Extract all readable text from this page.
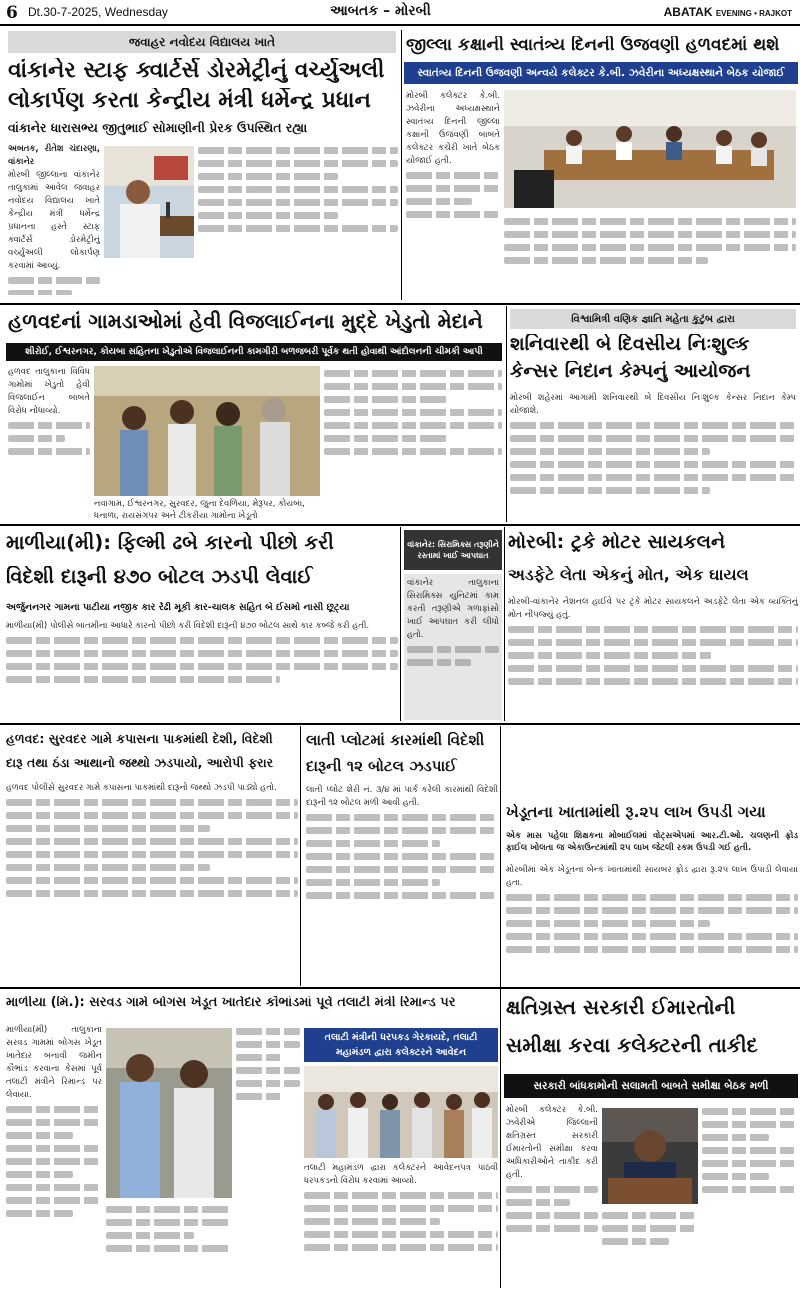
6 Dt.30-7-2025, Wednesday	આબતક – મોરબી	ABATAK EVENING • RAJKOT
જવાહર નવોદય વિદ્યાલય ખાતે
વાંકાનેર સ્ટાફ ક્વાર્ટર્સ ડોરમેટ્રીનું વર્ચ્યુઅલી
લોકાર્પણ કરતા કેન્દ્રીય મંત્રી ધર્મેન્દ્ર પ્રધાન
વાંકાનેર ધારાસભ્ય જીતુભાઈ સોમાણીની પ્રેરક ઉપસ્થિત રહ્યા
અબતક, રીતેશ ચંદારણા, વાંકાનેર
મોરબી જીલ્લાના વાંકાનેર તાલુકામાં આવેલ જવાહર નવોદય વિદ્યાલય ખાતે કેન્દ્રીય મંત્રી ધર્મેન્દ્ર પ્રધાનના હસ્તે સ્ટાફ ક્વાર્ટર્સ ડોરમેટ્રીનું વર્ચ્યુઅલી લોકાર્પણ કરવામાં આવ્યું.
જીલ્લા કક્ષાની સ્વાતંત્ર્ય દિનની ઉજવણી હળવદમાં થશે
સ્વાતંત્ર્ય દિનની ઉજવણી અન્વયે કલેક્ટર કે.બી. ઝવેરીના અધ્યક્ષસ્થાને બેઠક યોજાઈ
મોરબી કલેક્ટર કે.બી. ઝવેરીના અધ્યક્ષસ્થાને સ્વાતંત્ર્ય દિનની જીલ્લા કક્ષાની ઉજવણી બાબતે કલેક્ટર કચેરી ખાતે બેઠક યોજાઈ હતી.
હળવદનાં ગામડાઓમાં હેવી વિજલાઈનના મુદ્દે ખેડુતો મેદાને
શીરોઈ, ઈશ્વરનગર, કોયબા સહિતના ખેડુતોએ વિજલાઈનની કામગીરી બળજબરી પૂર્વક થતી હોવાથી આંદોલનની ચીમકી આપી
હળવદ તાલુકાના વિવિધ ગામોમાં ખેડુતો હેવી વિજલાઈન બાબતે વિરોધ નોંધાવ્યો.
નવાગામ, ઈશ્વરનગર, સુરવદર, જુના દેવળિયા, મેરૂપર, કોયબા, ધનાળા, રાયસંગપર અને ટીકરીયા ગામોના ખેડૂતો
વિશ્વામિત્રી વણિક જ્ઞાતિ મહેતા કુટુંબ દ્વારા
શનિવારથી બે દિવસીય નિઃશુલ્ક
કેન્સર નિદાન કેમ્પનું આયોજન
મોરબી શહેરમાં આગામી શનિવારથી બે દિવસીય નિઃશુલ્ક કેન્સર નિદાન કેમ્પ યોજાશે.
માળીયા(મી): ફિલ્મી ઢબે કારનો પીછો કરી
વિદેશી દારૂની ૪૭૦ બોટલ ઝડપી લેવાઈ
અર્જુનનગર ગામના પાટીયા નજીક કાર રેઢી મૂકી કાર-ચાલક સહિત બે ઈસમો નાસી છૂટ્યા
માળીયા(મી) પોલીસે બાતમીના આધારે કારનો પીછો કરી વિદેશી દારૂની ૪૭૦ બોટલ સાથે કાર કબ્જે કરી હતી.
વાંકાનેર: સિરામિક્સ તરૂણીને રસ્તામાં ખાઈ આપઘાત
વાંકાનેર તાલુકાના સિરામિક્સ યુનિટમાં કામ કરતી તરૂણીએ ગળાફાંસો ખાઈ આપઘાત કરી લીધો હતો.
મોરબી: ટ્રકે મોટર સાયકલને
અડફેટે લેતા એકનું મોત, એક ઘાયલ
મોરબી-વાંકાનેર નેશનલ હાઈવે પર ટ્રકે મોટર સાયકલને અડફેટે લેતા એક વ્યક્તિનું મોત નીપજ્યું હતું.
હળવદ: સુરવદર ગામે કપાસના પાકમાંથી દેશી, વિદેશી
દારૂ તથા ઠંડા આથાનો જથ્થો ઝડપાયો, આરોપી ફરાર
હળવદ પોલીસે સુરવદર ગામે કપાસના પાકમાંથી દારૂનો જથ્થો ઝડપી પાડ્યો હતો.
લાતી પ્લોટમાં કારમાંથી વિદેશી
દારૂની ૧૨ બોટલ ઝડપાઈ
લાતી પ્લોટ શેરી નં. ૩/૪ માં પાર્ક કરેલી કારમાંથી વિદેશી દારૂની ૧૨ બોટલ મળી આવી હતી.	ખેડૂતના ખાતામાંથી રૂ.૨૫ લાખ ઉપડી ગયા
એક માસ પહેલા શિક્ષકના મોબાઈલમાં વોટ્સએપમાં આર.ટી.ઓ. ચલણની ફ્રોડ ફાઈલ ખોલતા જ એકાઉન્ટમાંથી ૨૫ લાખ જેટલી રકમ ઉપડી ગઈ હતી.
મોરબીમાં એક ખેડૂતના બેન્ક ખાતામાંથી સાયબર ફ્રોડ દ્વારા રૂ.૨૫ લાખ ઉપાડી લેવાયા હતા.
માળીયા (મિ.): સરવડ ગામે બોગસ ખેડૂત ખાતેદાર કૌભાંડમાં પૂર્વ તલાટી મંત્રી રિમાન્ડ પર
માળીયા(મી) તાલુકાના સરવડ ગામમાં બોગસ ખેડૂત ખાતેદાર બનાવી જમીન કૌભાંડ કરવાના કેસમાં પૂર્વ તલાટી મંત્રીને રિમાન્ડ પર લેવાયા.
તલાટી મંત્રીની ધરપકડ ગેરકાયદે, તલાટી
મહામંડળ દ્વારા કલેક્ટરને આવેદન
તલાટી મહામંડળ દ્વારા કલેક્ટરને આવેદનપત્ર પાઠવી ધરપકડનો વિરોધ કરવામાં આવ્યો.
ક્ષતિગ્રસ્ત સરકારી ઈમારતોની
સમીક્ષા કરવા કલેક્ટરની તાકીદ
સરકારી બાંધકામોની સલામતી બાબતે સમીક્ષા બેઠક મળી
મોરબી કલેક્ટર કે.બી. ઝવેરીએ જિલ્લાની ક્ષતિગ્રસ્ત સરકારી ઈમારતોની સમીક્ષા કરવા અધિકારીઓને તાકીદ કરી હતી.
